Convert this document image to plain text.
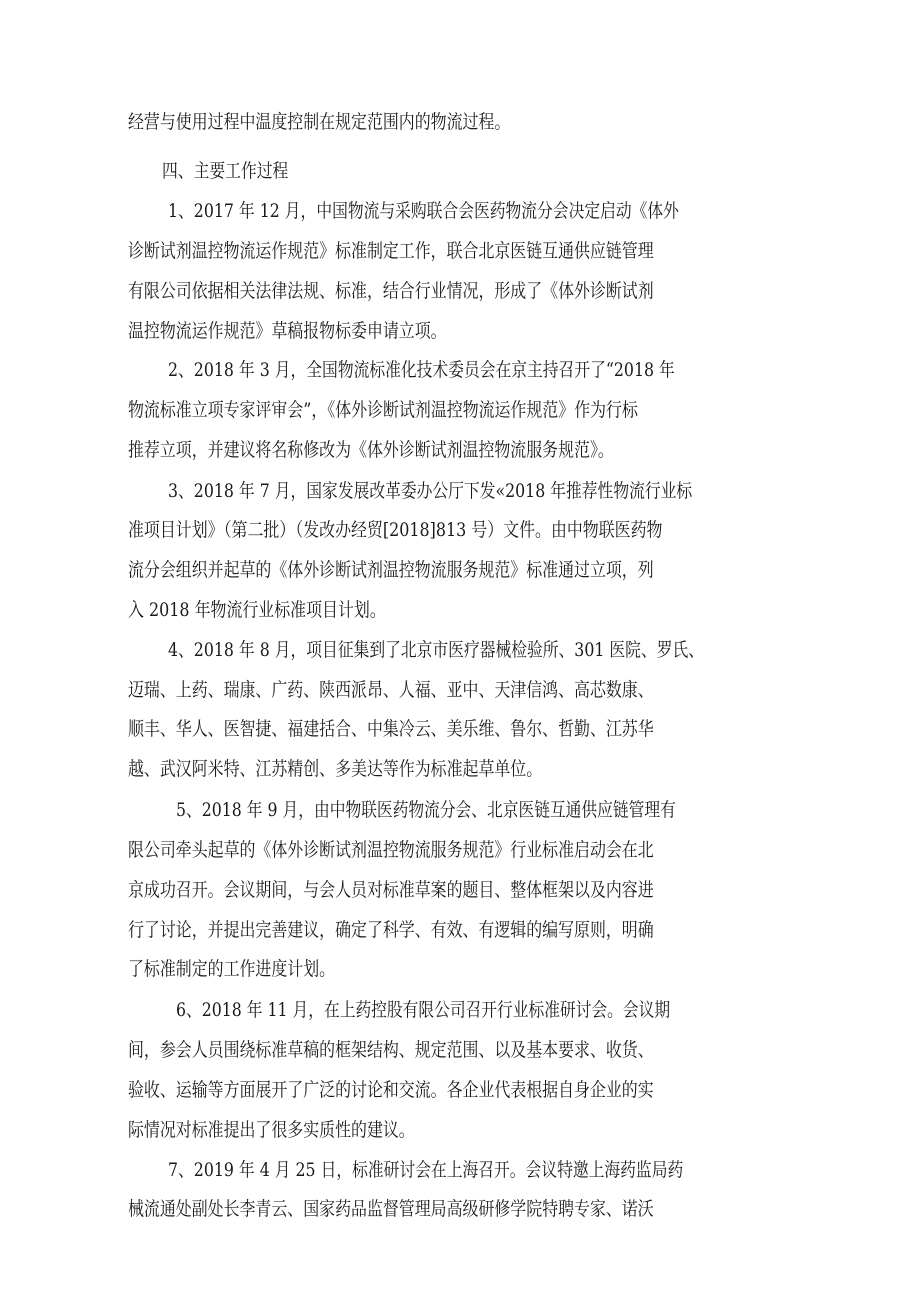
经营与使用过程中温度控制在规定范围内的物流过程。
四、主要工作过程
1、2017 年 12 月，中国物流与采购联合会医药物流分会决定启动《体外
诊断试剂温控物流运作规范》标准制定工作，联合北京医链互通供应链管理
有限公司依据相关法律法规、标准，结合行业情况，形成了《体外诊断试剂
温控物流运作规范》草稿报物标委申请立项。
2、2018 年 3 月，全国物流标准化技术委员会在京主持召开了“2018 年
物流标准立项专家评审会”，《体外诊断试剂温控物流运作规范》作为行标
推荐立项，并建议将名称修改为《体外诊断试剂温控物流服务规范》。
3、2018 年 7 月，国家发展改革委办公厅下发«2018 年推荐性物流行业标
准项目计划》（第二批）（发改办经贸[2018]813 号）文件。由中物联医药物
流分会组织并起草的《体外诊断试剂温控物流服务规范》标准通过立项，列
入 2018 年物流行业标准项目计划。
4、2018 年 8 月，项目征集到了北京市医疗器械检验所、301 医院、罗氏、
迈瑞、上药、瑞康、广药、陕西派昂、人福、亚中、天津信鸿、高芯数康、
顺丰、华人、医智捷、福建括合、中集冷云、美乐维、鲁尔、哲勤、江苏华
越、武汉阿米特、江苏精创、多美达等作为标准起草单位。
5、2018 年 9 月，由中物联医药物流分会、北京医链互通供应链管理有
限公司牵头起草的《体外诊断试剂温控物流服务规范》行业标准启动会在北
京成功召开。会议期间，与会人员对标准草案的题目、整体框架以及内容进
行了讨论，并提出完善建议，确定了科学、有效、有逻辑的编写原则，明确
了标准制定的工作进度计划。
6、2018 年 11 月，在上药控股有限公司召开行业标准研讨会。会议期
间，参会人员围绕标准草稿的框架结构、规定范围、以及基本要求、收货、
验收、运输等方面展开了广泛的讨论和交流。各企业代表根据自身企业的实
际情况对标准提出了很多实质性的建议。
7、2019 年 4 月 25 日，标准研讨会在上海召开。会议特邀上海药监局药
械流通处副处长李青云、国家药品监督管理局高级研修学院特聘专家、诺沃
